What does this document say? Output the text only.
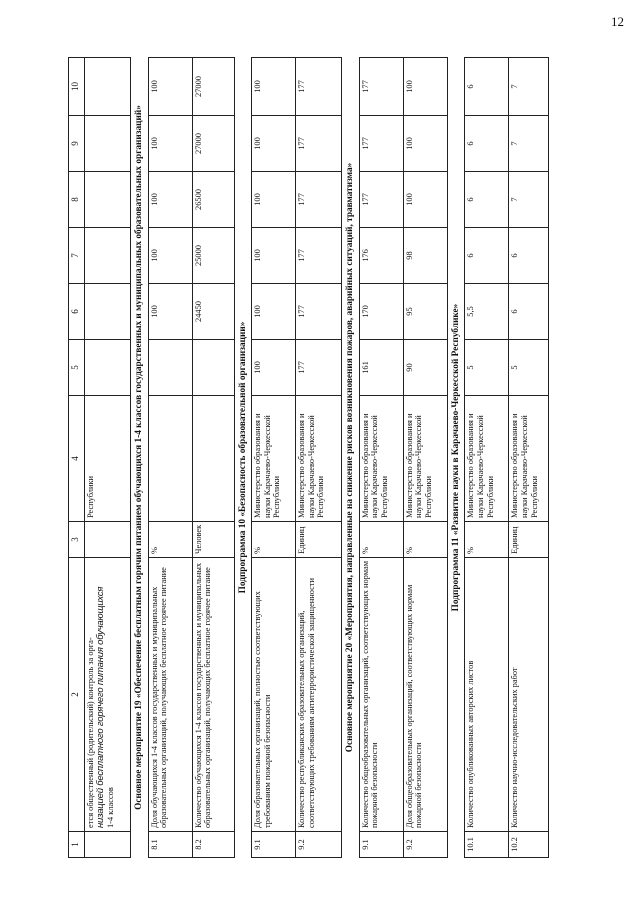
12
1	2	3	4	5	6	7	8	9	10

	ется общественный (родительский) контроль за орга- низацией бесплатного горячего питания обучающихся 1-4 классов		Республики						
Основное мероприятие 19 «Обеспечение бесплатным горячим питанием обучающихся 1-4 классов государственных и муниципальных образовательных организаций»									
8.1	Доля обучающихся 1-4 классов государственных и муниципальных образовательных организаций, получающих бесплатное горячее питание	%			100	100	100	100	100
8.2	Количество обучающихся 1-4 классов государственных и муниципальных образовательных организаций, получающих бесплатное горячее питание	Человек			24450	25000	26500	27000	27000
Подпрограмма 10 «Безопасность образовательной организации»									
9.1	Доля образовательных организаций, полностью соответствующих требованиям пожарной безопасности	%	Министерство образования и науки Карачаево-Черкесской Республики	100	100	100	100	100	100
9.2	Количество республиканских образовательных организаций, соответствующих требованиям антитеррористической защищенности	Единиц	Министерство образования и науки Карачаево-Черкесской Республики	177	177	177	177	177	177
Основное мероприятие 20 «Мероприятия, направленные на снижение рисков возникновения пожаров, аварийных ситуаций, травматизма»									
9.1	Количество общеобразовательных организаций, соответствующих нормам пожарной безопасности	%	Министерство образования и науки Карачаево-Черкесской Республики	161	170	176	177	177	177
9.2	Доля общеобразовательных организаций, соответствующих нормам пожарной безопасности	%	Министерство образования и науки Карачаево-Черкесской Республики	90	95	98	100	100	100
Подпрограмма 11 «Развитие науки в Карачаево-Черкесской Республике»									
10.1	Количество опубликованных авторских листов	%	Министерство образования и науки Карачаево-Черкесской Республики	5	5,5	6	6	6	6
10.2	Количество научно-исследовательских работ	Единиц	Министерство образования и науки Карачаево-Черкесской Республики	5	6	6	7	7	7
